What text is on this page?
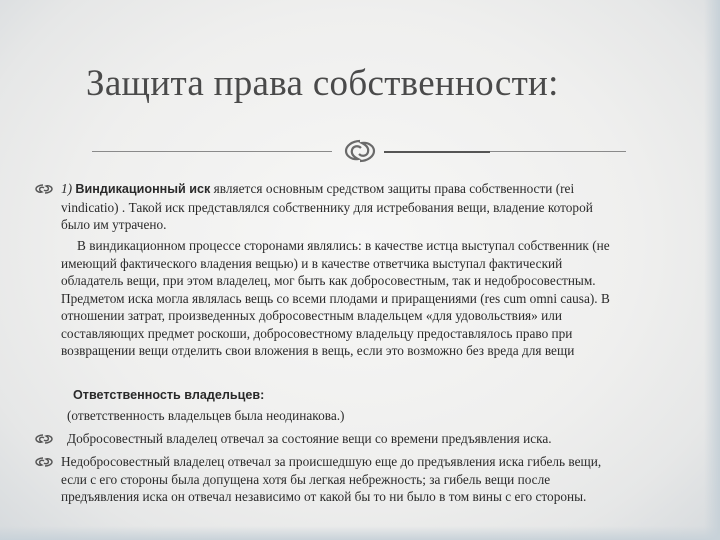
Защита права собственности:
1) Виндикационный иск является основным средством защиты права собственности (rei
vindicatio) . Такой иск представлялся собственнику для истребования вещи, владение которой
было им утрачено.
В виндикационном процессе сторонами являлись: в качестве истца выступал собственник (не
имеющий фактического владения вещью) и в качестве ответчика выступал фактический
обладатель вещи, при этом владелец, мог быть как добросовестным, так и недобросовестным.
Предметом иска могла являлась вещь со всеми плодами и приращениями (res cum omni causa). В
отношении затрат, произведенных добросовестным владельцем «для удовольствия» или
составляющих предмет роскоши, добросовестному владельцу предоставлялось право при
возвращении вещи отделить свои вложения в вещь, если это возможно без вреда для вещи
Ответственность владельцев:
(ответственность владельцев была неодинакова.)
Добросовестный владелец отвечал за состояние вещи со времени предъявления иска.
Недобросовестный владелец отвечал за происшедшую еще до предъявления иска гибель вещи,
если с его стороны была допущена хотя бы легкая небрежность; за гибель вещи после
предъявления иска он отвечал независимо от какой бы то ни было в том вины с его стороны.
